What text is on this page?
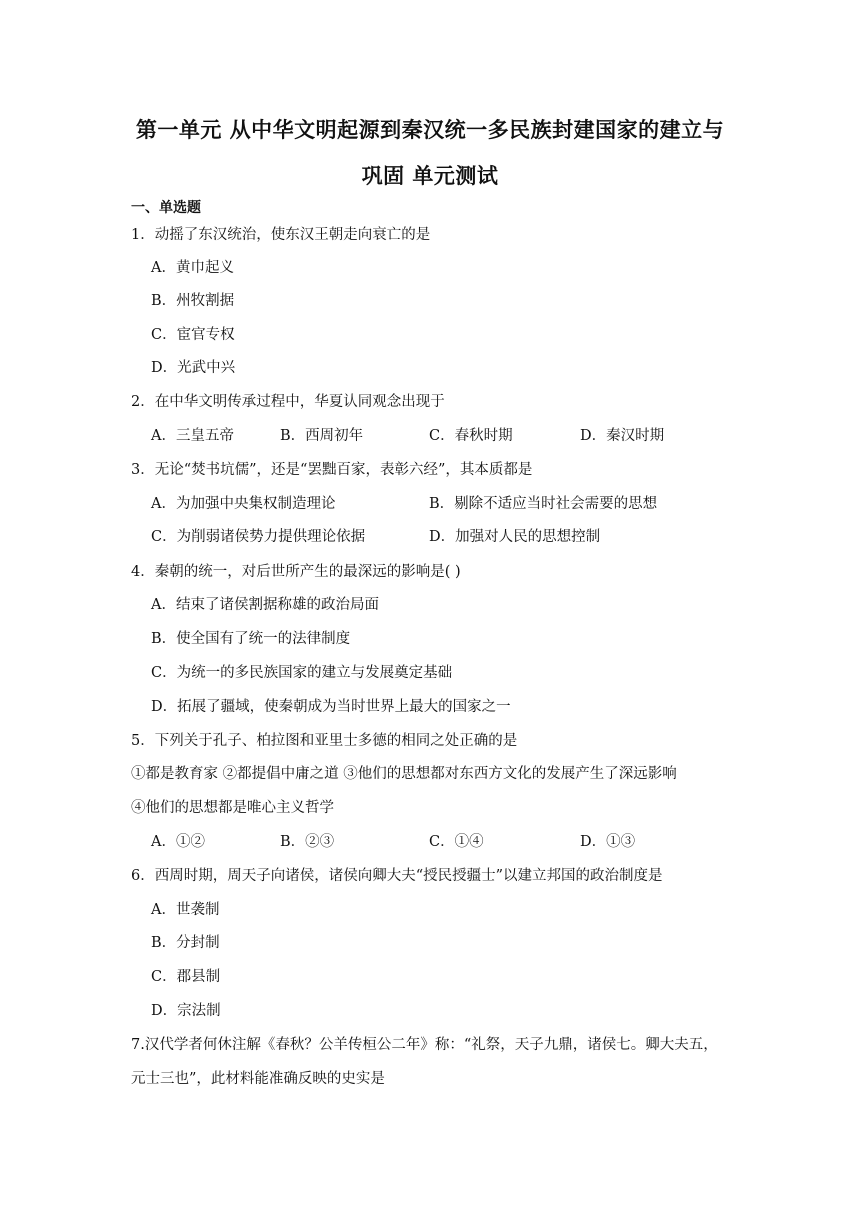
第一单元 从中华文明起源到秦汉统一多民族封建国家的建立与
巩固 单元测试
一、单选题
1．动摇了东汉统治，使东汉王朝走向衰亡的是
A．黄巾起义
B．州牧割据
C．宦官专权
D．光武中兴
2．在中华文明传承过程中，华夏认同观念出现于
A．三皇五帝	B．西周初年	C．春秋时期	D．秦汉时期
3．无论“焚书坑儒”，还是“罢黜百家，表彰六经”，其本质都是
A．为加强中央集权制造理论	B．剔除不适应当时社会需要的思想
C．为削弱诸侯势力提供理论依据	D．加强对人民的思想控制
4．秦朝的统一，对后世所产生的最深远的影响是( )
A．结束了诸侯割据称雄的政治局面
B．使全国有了统一的法律制度
C．为统一的多民族国家的建立与发展奠定基础
D．拓展了疆域，使秦朝成为当时世界上最大的国家之一
5．下列关于孔子、柏拉图和亚里士多德的相同之处正确的是
①都是教育家 ②都提倡中庸之道 ③他们的思想都对东西方文化的发展产生了深远影响
④他们的思想都是唯心主义哲学
A．①②	B．②③	C．①④	D．①③
6．西周时期，周天子向诸侯，诸侯向卿大夫“授民授疆士”以建立邦国的政治制度是
A．世袭制
B．分封制
C．郡县制
D．宗法制
7.汉代学者何休注解《春秋？公羊传桓公二年》称：“礼祭，天子九鼎，诸侯七。卿大夫五，
元士三也”，此材料能准确反映的史实是
